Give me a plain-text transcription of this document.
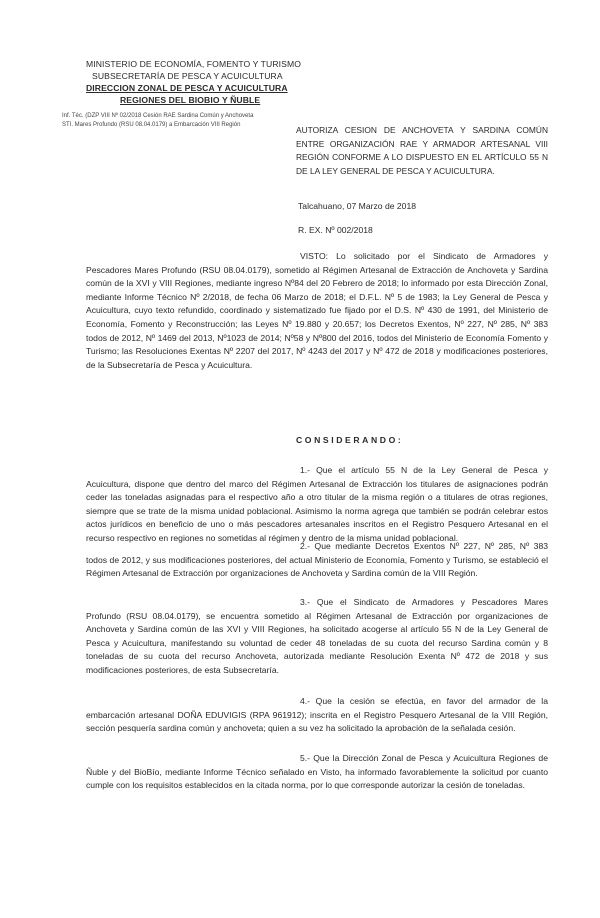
MINISTERIO DE ECONOMÍA, FOMENTO Y TURISMO
SUBSECRETARÍA DE PESCA Y ACUICULTURA
DIRECCION ZONAL DE PESCA Y ACUICULTURA
REGIONES DEL BIOBIO Y ÑUBLE
Inf. Téc. (DZP VIII Nº 02/2018 Cesión RAE Sardina Común y Anchoveta
STI. Mares Profundo (RSU 08.04.0179) a Embarcación VIII Región
AUTORIZA CESION DE ANCHOVETA Y SARDINA COMÚN ENTRE ORGANIZACIÓN RAE Y ARMADOR ARTESANAL VIII REGIÓN CONFORME A LO DISPUESTO EN EL ARTÍCULO 55 N DE LA LEY GENERAL DE PESCA Y ACUICULTURA.
Talcahuano, 07 Marzo de 2018
R. EX. Nº 002/2018
VISTO: Lo solicitado por el Sindicato de Armadores y Pescadores Mares Profundo (RSU 08.04.0179), sometido al Régimen Artesanal de Extracción de Anchoveta y Sardina común de la XVI y VIII Regiones, mediante ingreso Nº84 del 20 Febrero de 2018; lo informado por esta Dirección Zonal, mediante Informe Técnico Nº 2/2018, de fecha 06 Marzo de 2018; el D.F.L. Nº 5 de 1983; la Ley General de Pesca y Acuicultura, cuyo texto refundido, coordinado y sistematizado fue fijado por el D.S. Nº 430 de 1991, del Ministerio de Economía, Fomento y Reconstrucción; las Leyes Nº 19.880 y 20.657; los Decretos Exentos, Nº 227, Nº 285, Nº 383 todos de 2012, Nº 1469 del 2013, Nº1023 de 2014; Nº58 y Nº800 del 2016, todos del Ministerio de Economía Fomento y Turismo; las Resoluciones Exentas Nº 2207 del 2017, Nº 4243 del 2017 y Nº 472 de 2018 y modificaciones posteriores, de la Subsecretaría de Pesca y Acuicultura.
CONSIDERANDO:
1.- Que el artículo 55 N de la Ley General de Pesca y Acuicultura, dispone que dentro del marco del Régimen Artesanal de Extracción los titulares de asignaciones podrán ceder las toneladas asignadas para el respectivo año a otro titular de la misma región o a titulares de otras regiones, siempre que se trate de la misma unidad poblacional. Asimismo la norma agrega que también se podrán celebrar estos actos jurídicos en beneficio de uno o más pescadores artesanales inscritos en el Registro Pesquero Artesanal en el recurso respectivo en regiones no sometidas al régimen y dentro de la misma unidad poblacional.
2.- Que mediante Decretos Exentos Nº 227, Nº 285, Nº 383 todos de 2012, y sus modificaciones posteriores, del actual Ministerio de Economía, Fomento y Turismo, se estableció el Régimen Artesanal de Extracción por organizaciones de Anchoveta y Sardina común de la VIII Región.
3.- Que el Sindicato de Armadores y Pescadores Mares Profundo (RSU 08.04.0179), se encuentra sometido al Régimen Artesanal de Extracción por organizaciones de Anchoveta y Sardina común de las XVI y VIII Regiones, ha solicitado acogerse al artículo 55 N de la Ley General de Pesca y Acuicultura, manifestando su voluntad de ceder 48 toneladas de su cuota del recurso Sardina común y 8 toneladas de su cuota del recurso Anchoveta, autorizada mediante Resolución Exenta Nº 472 de 2018 y sus modificaciones posteriores, de esta Subsecretaría.
4.- Que la cesión se efectúa, en favor del armador de la embarcación artesanal DOÑA EDUVIGIS (RPA 961912); inscrita en el Registro Pesquero Artesanal de la VIII Región, sección pesquería sardina común y anchoveta; quien a su vez ha solicitado la aprobación de la señalada cesión.
5.- Que la Dirección Zonal de Pesca y Acuicultura Regiones de Ñuble y del BioBío, mediante Informe Técnico señalado en Visto, ha informado favorablemente la solicitud por cuanto cumple con los requisitos establecidos en la citada norma, por lo que corresponde autorizar la cesión de toneladas.
